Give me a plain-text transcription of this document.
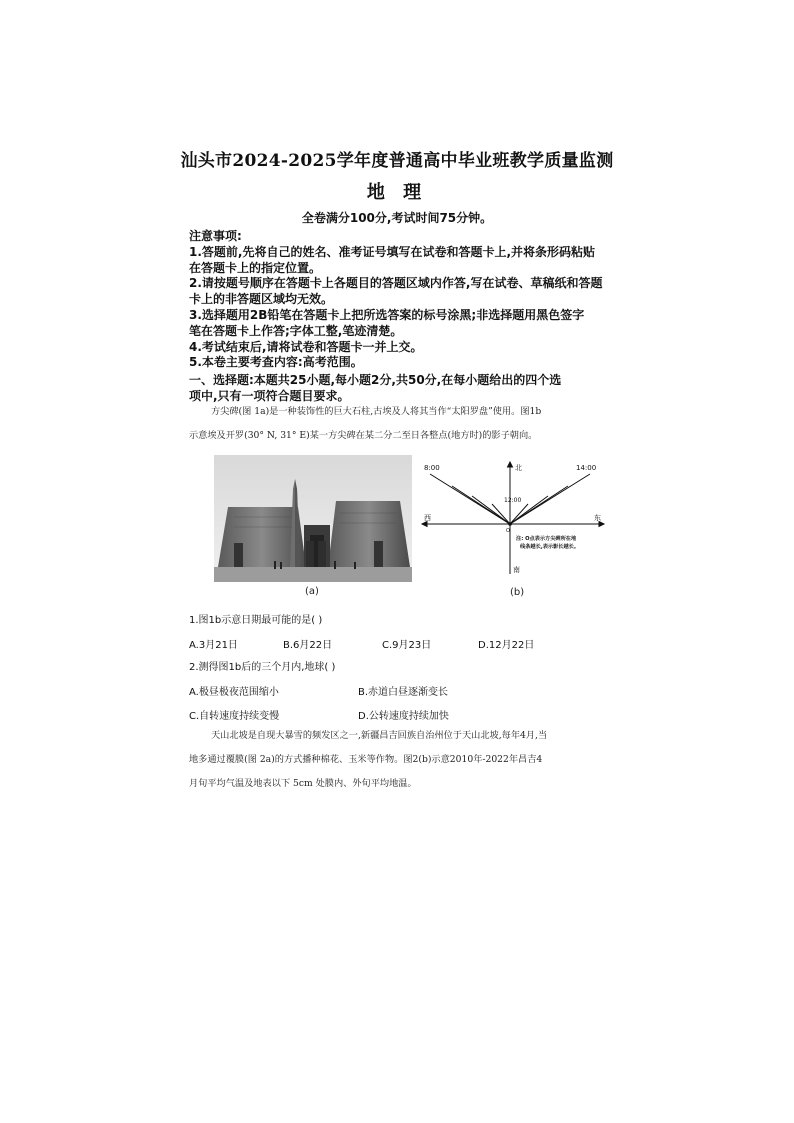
汕头市2024-2025学年度普通高中毕业班教学质量监测
地 理
全卷满分100分,考试时间75分钟。
注意事项:
1.答题前,先将自己的姓名、准考证号填写在试卷和答题卡上,并将条形码粘贴
在答题卡上的指定位置。
2.请按题号顺序在答题卡上各题目的答题区域内作答,写在试卷、草稿纸和答题
卡上的非答题区域均无效。
3.选择题用2B铅笔在答题卡上把所选答案的标号涂黑;非选择题用黑色签字
笔在答题卡上作答;字体工整,笔迹清楚。
4.考试结束后,请将试卷和答题卡一并上交。
5.本卷主要考查内容:高考范围。
一、选择题:本题共25小题,每小题2分,共50分,在每小题给出的四个选
项中,只有一项符合题目要求。
方尖碑(图 1a)是一种装饰性的巨大石柱,古埃及人将其当作“太阳罗盘”使用。图1b
示意埃及开罗(30° N, 31° E)某一方尖碑在某二分二至日各整点(地方时)的影子朝向。
(a)
8:00	14:00
12:00
北
南
西	东
O
注: O点表示方尖碑所在地
线条越长,表示影长越长。
(b)
1.图1b示意日期最可能的是( )
A.3月21日	B.6月22日	C.9月23日	D.12月22日
2.测得图1b后的三个月内,地球( )
A.极昼极夜范围缩小	B.赤道白昼逐渐变长
C.自转速度持续变慢	D.公转速度持续加快
天山北坡是自现大暴雪的频发区之一,新疆昌吉回族自治州位于天山北坡,每年4月,当
地多通过覆膜(图 2a)的方式播种棉花、玉米等作物。图2(b)示意2010年-2022年昌吉4
月旬平均气温及地表以下 5cm 处膜内、外旬平均地温。
